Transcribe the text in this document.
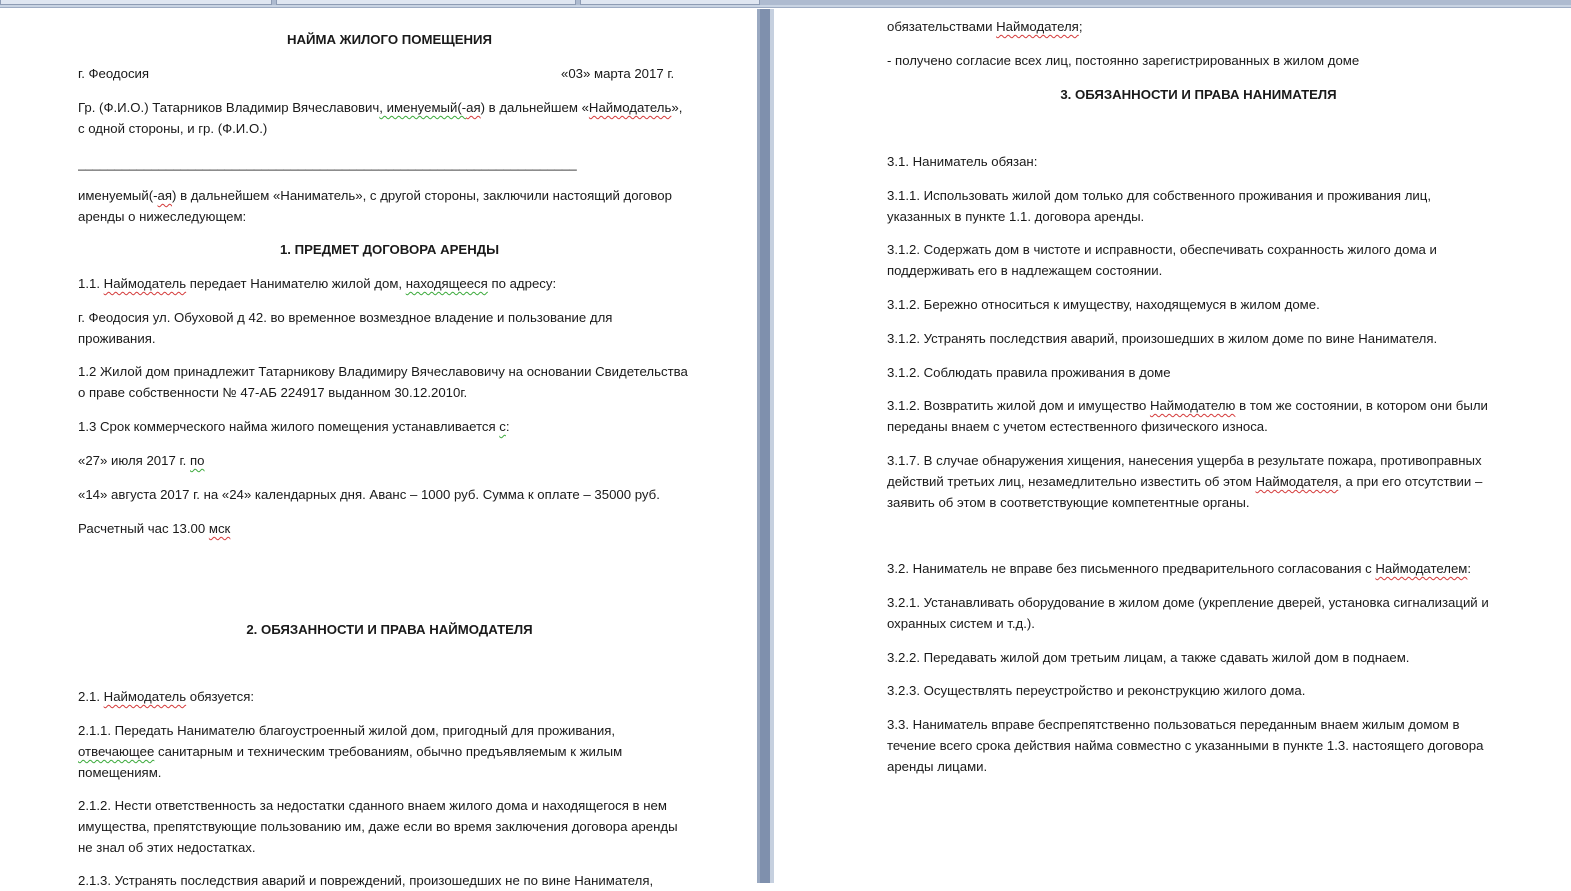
НАЙМА ЖИЛОГО ПОМЕЩЕНИЯ

г. Феодосия	«03» марта 2017 г.

Гр. (Ф.И.О.) Татарников Владимир Вячеславович, именуемый(-ая) в дальнейшем «Наймодатель»,
с одной стороны, и гр. (Ф.И.О.)

____________________________________________________________________

именуемый(-ая) в дальнейшем «Наниматель», с другой стороны, заключили настоящий договор
аренды о нижеследующем:

1. ПРЕДМЕТ ДОГОВОРА АРЕНДЫ

1.1. Наймодатель передает Нанимателю жилой дом, находящееся по адресу:

г. Феодосия ул. Обуховой д 42. во временное возмездное владение и пользование для
проживания.

1.2 Жилой дом принадлежит Татарникову Владимиру Вячеславовичу на основании Свидетельства
о праве собственности № 47-АБ 224917 выданном 30.12.2010г.

1.3 Срок коммерческого найма жилого помещения устанавливается с:

«27» июля 2017 г. по

«14» августа 2017 г. на «24» календарных дня. Аванс – 1000 руб. Сумма к оплате – 35000 руб.

Расчетный час 13.00 мск

2. ОБЯЗАННОСТИ И ПРАВА НАЙМОДАТЕЛЯ

2.1. Наймодатель обязуется:

2.1.1. Передать Нанимателю благоустроенный жилой дом, пригодный для проживания,
отвечающее санитарным и техническим требованиям, обычно предъявляемым к жилым
помещениям.

2.1.2. Нести ответственность за недостатки сданного внаем жилого дома и находящегося в нем
имущества, препятствующие пользованию им, даже если во время заключения договора аренды
не знал об этих недостатках.

2.1.3. Устранять последствия аварий и повреждений, произошедших не по вине Нанимателя,

обязательствами Наймодателя;

- получено согласие всех лиц, постоянно зарегистрированных в жилом доме

3. ОБЯЗАННОСТИ И ПРАВА НАНИМАТЕЛЯ

3.1. Наниматель обязан:

3.1.1. Использовать жилой дом только для собственного проживания и проживания лиц,
указанных в пункте 1.1. договора аренды.

3.1.2. Содержать дом в чистоте и исправности, обеспечивать сохранность жилого дома и
поддерживать его в надлежащем состоянии.

3.1.2. Бережно относиться к имуществу, находящемуся в жилом доме.

3.1.2. Устранять последствия аварий, произошедших в жилом доме по вине Нанимателя.

3.1.2. Соблюдать правила проживания в доме

3.1.2. Возвратить жилой дом и имущество Наймодателю в том же состоянии, в котором они были
переданы внаем с учетом естественного физического износа.

3.1.7. В случае обнаружения хищения, нанесения ущерба в результате пожара, противоправных
действий третьих лиц, незамедлительно известить об этом Наймодателя, а при его отсутствии –
заявить об этом в соответствующие компетентные органы.

3.2. Наниматель не вправе без письменного предварительного согласования с Наймодателем:

3.2.1. Устанавливать оборудование в жилом доме (укрепление дверей, установка сигнализаций и
охранных систем и т.д.).

3.2.2. Передавать жилой дом третьим лицам, а также сдавать жилой дом в поднаем.

3.2.3. Осуществлять переустройство и реконструкцию жилого дома.

3.3. Наниматель вправе беспрепятственно пользоваться переданным внаем жилым домом в
течение всего срока действия найма совместно с указанными в пункте 1.3. настоящего договора
аренды лицами.
